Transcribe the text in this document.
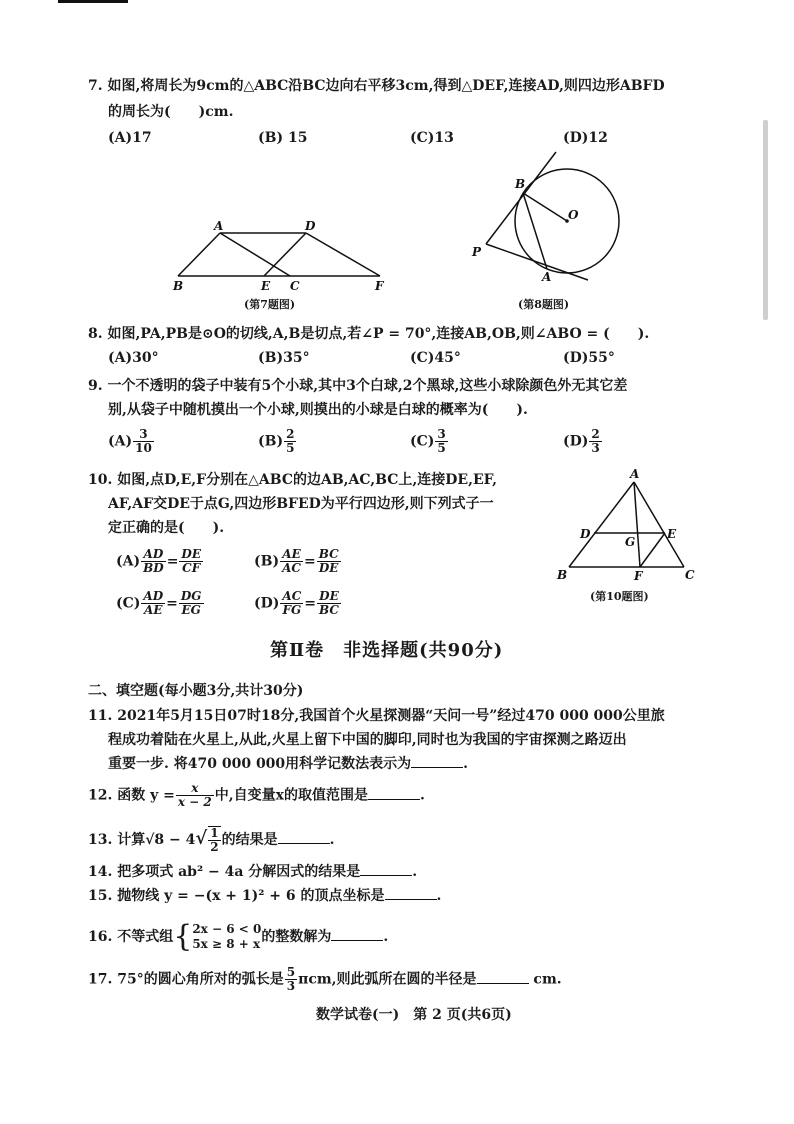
7. 如图,将周长为9cm的△ABC沿BC边向右平移3cm,得到△DEF,连接AD,则四边形ABFD
的周长为(　　)cm.
(A)17	(B) 15	(C)13	(D)12
A	D
B	E C	F
B
O
P
A
A
D	E
G
B	F	C
(第7题图)	(第8题图)
(第10题图)
8. 如图,PA,PB是⊙O的切线,A,B是切点,若∠P = 70°,连接AB,OB,则∠ABO = (　　).
(A)30°	(B)35°	(C)45°	(D)55°
9. 一个不透明的袋子中装有5个小球,其中3个白球,2个黑球,这些小球除颜色外无其它差
别,从袋子中随机摸出一个小球,则摸出的小球是白球的概率为(　　).
$(A) \frac{3}{10}$	$(B) \frac{2}{5}$	$(C) \frac{3}{5}$	$(D) \frac{2}{3}$
10. 如图,点D,E,F分别在△ABC的边AB,AC,BC上,连接DE,EF,
AF,AF交DE于点G,四边形BFED为平行四边形,则下列式子一
定正确的是(　　).
$(A) \frac{AD}{BD} = \frac{DE}{CF}$	$(B) \frac{AE}{AC} = \frac{BC}{DE}$
$(C) \frac{AD}{AE} = \frac{DG}{EG}$	$(D) \frac{AC}{FG} = \frac{DE}{BC}$
第Ⅱ卷　非选择题(共90分)
二、填空题(每小题3分,共计30分)
11. 2021年5月15日07时18分,我国首个火星探测器“天问一号”经过470 000 000公里旅
程成功着陆在火星上,从此,火星上留下中国的脚印,同时也为我国的宇宙探测之路迈出
重要一步. 将470 000 000用科学记数法表示为	.
12. 函数 $y = \frac{x}{x - 2}$ 中,自变量x的取值范围是	.
13. 计算$√8 - 4√ \frac{1}{2}$ 的结果是	.
14. 把多项式 ab² − 4a 分解因式的结果是	.
15. 抛物线 y = −(x + 1)² + 6 的顶点坐标是	.
16. 不等式组{ 2x − 6 < 0
5x ≥ 8 + x 的整数解为	.
17. 75°的圆心角所对的弧长是 $\frac{5}{3} \pi cm$,则此弧所在圆的半径是	cm.
数学试卷(一)　第 2 页(共6页)
